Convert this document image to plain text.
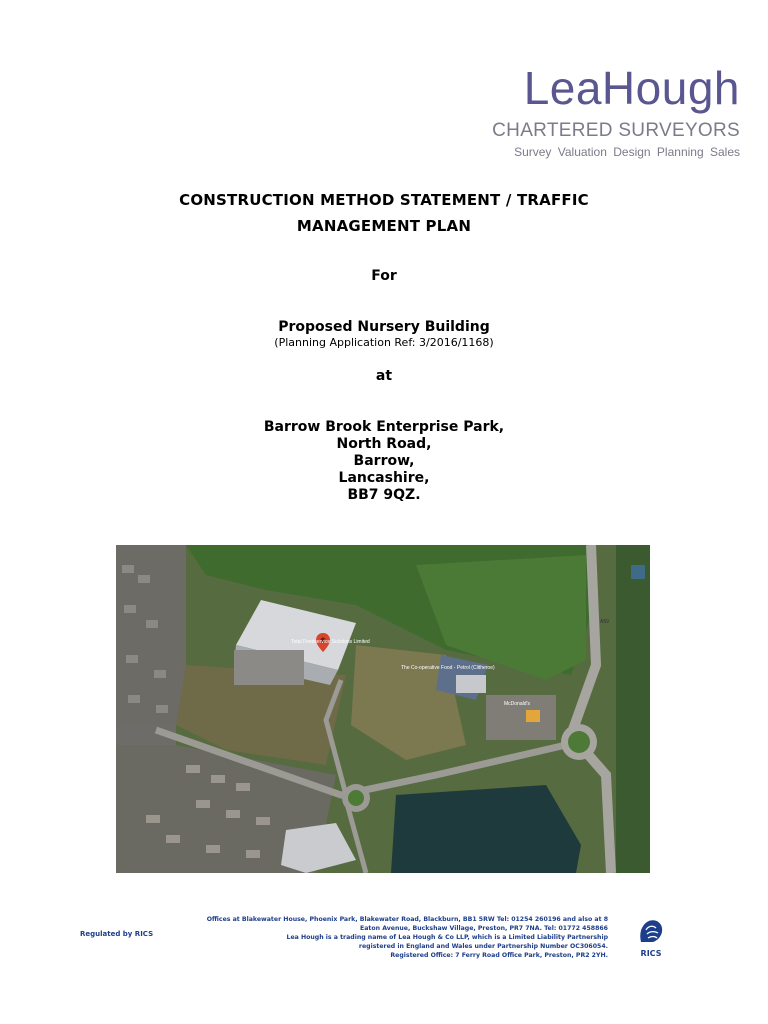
LeaHough
CHARTERED SURVEYORS
Survey Valuation Design Planning Sales
CONSTRUCTION METHOD STATEMENT / TRAFFIC
MANAGEMENT PLAN
For
Proposed Nursery Building
(Planning Application Ref: 3/2016/1168)
at
Barrow Brook Enterprise Park,
North Road,
Barrow,
Lancashire,
BB7 9QZ.
Total Foodservice Solutions Limited
The Co-operative Food - Petrol (Clitheroe)
McDonald's
A59
Regulated by RICS
Offices at Blakewater House, Phoenix Park, Blakewater Road, Blackburn, BB1 5RW Tel: 01254 260196 and also at 8
Eaton Avenue, Buckshaw Village, Preston, PR7 7NA. Tel: 01772 458866
Lea Hough is a trading name of Lea Hough & Co LLP, which is a Limited Liability Partnership
registered in England and Wales under Partnership Number OC306054.
Registered Office: 7 Ferry Road Office Park, Preston, PR2 2YH.	RICS
